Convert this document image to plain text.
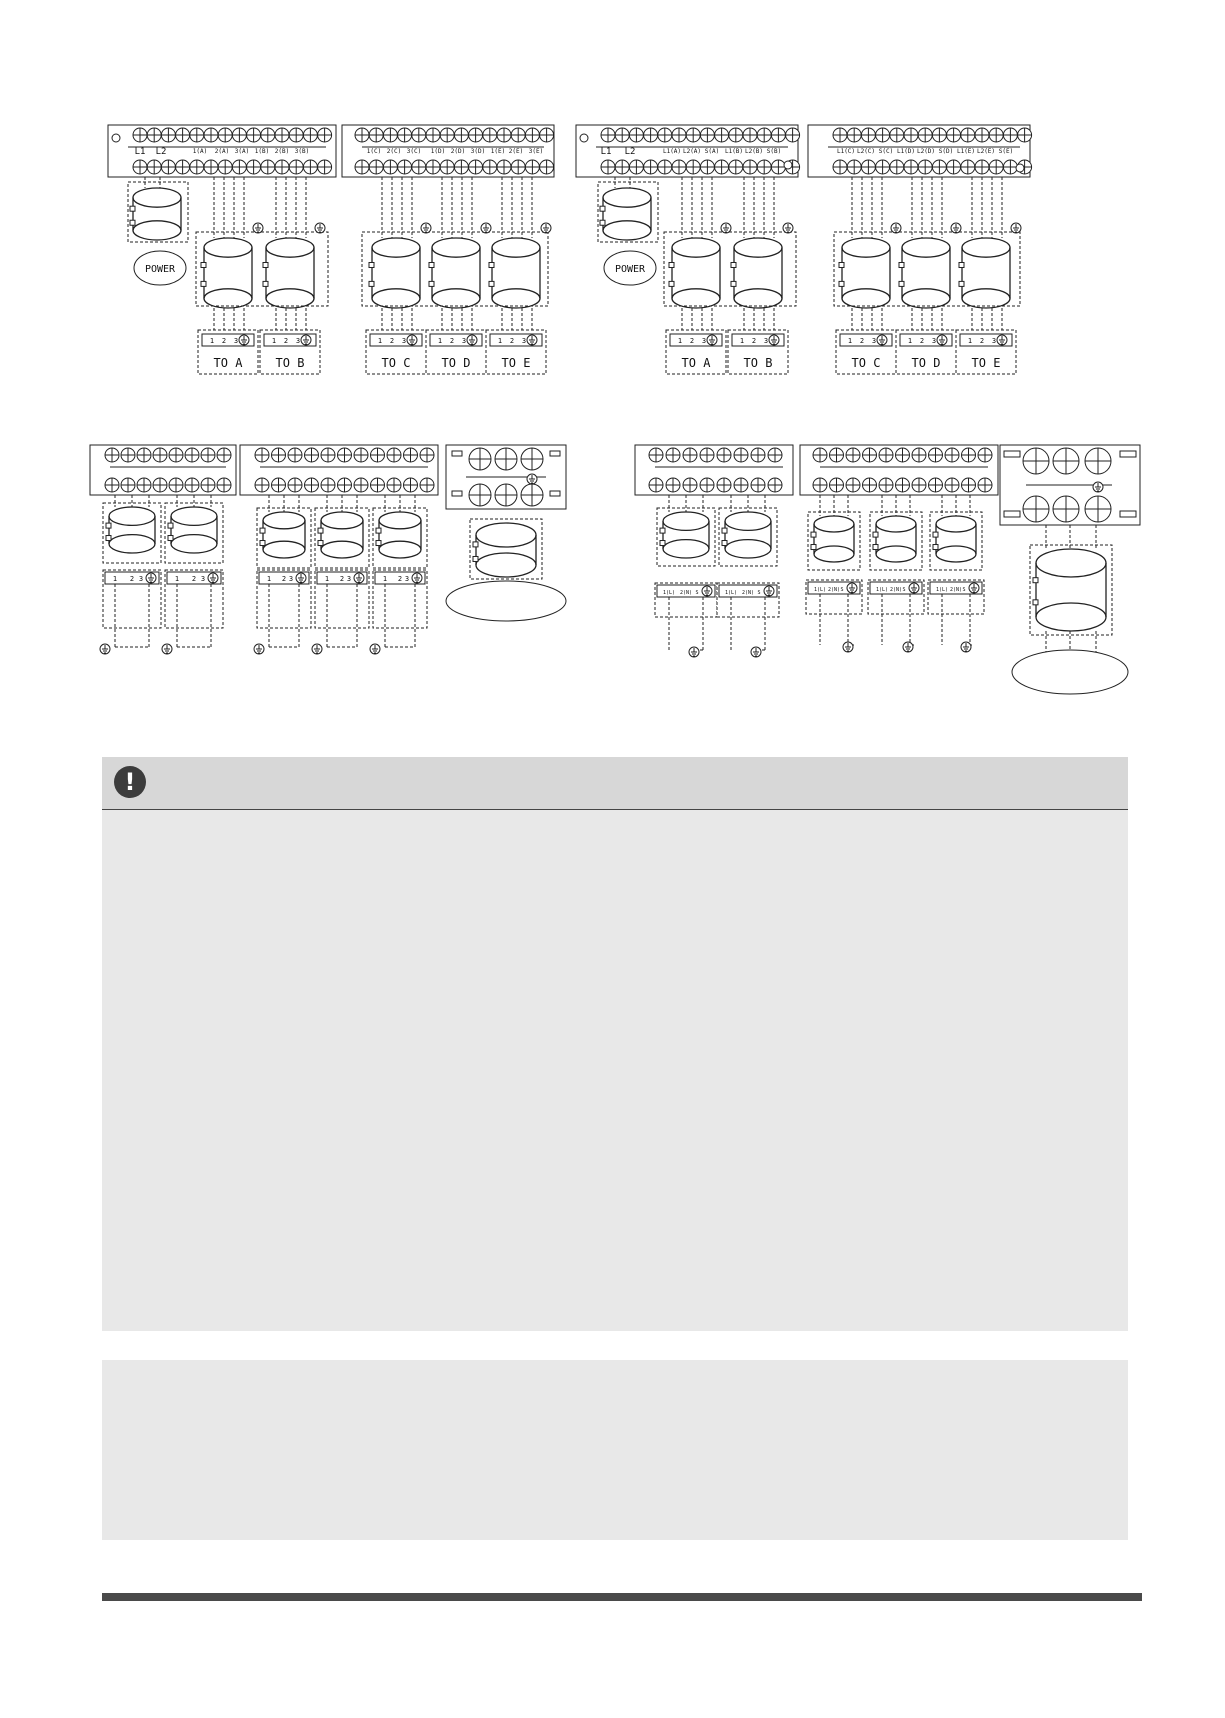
L1 L2	1(A) 2(A) 3(A) 1(B) 2(B) 3(B)	1(C) 2(C) 3(C) 1(D) 2(D) 3(D) 1(E) 2(E) 3(E)	L1 L2	L1(A) L2(A) S(A) L1(B) L2(B) S(B)	L1(C) L2(C) S(C) L1(D) L2(D) S(D) L1(E) L2(E) S(E)
POWER
1 2 3
TO A
1 2 3
TO B
1 2 3
TO C
1 2 3
TO D
1 2 3
TO E
POWER
1 2 3
TO A
1 2 3
TO B
1 2 3
TO C
1 2 3
TO D
1 2 3
TO E
1 2 3	1 2 3	1 2 3	1 2 3	1 2 3
1(L) 2(N) S	1(L) 2(N) S	1(L) 2(N) S	1(L) 2(N) S	1(L) 2(N) S
!
